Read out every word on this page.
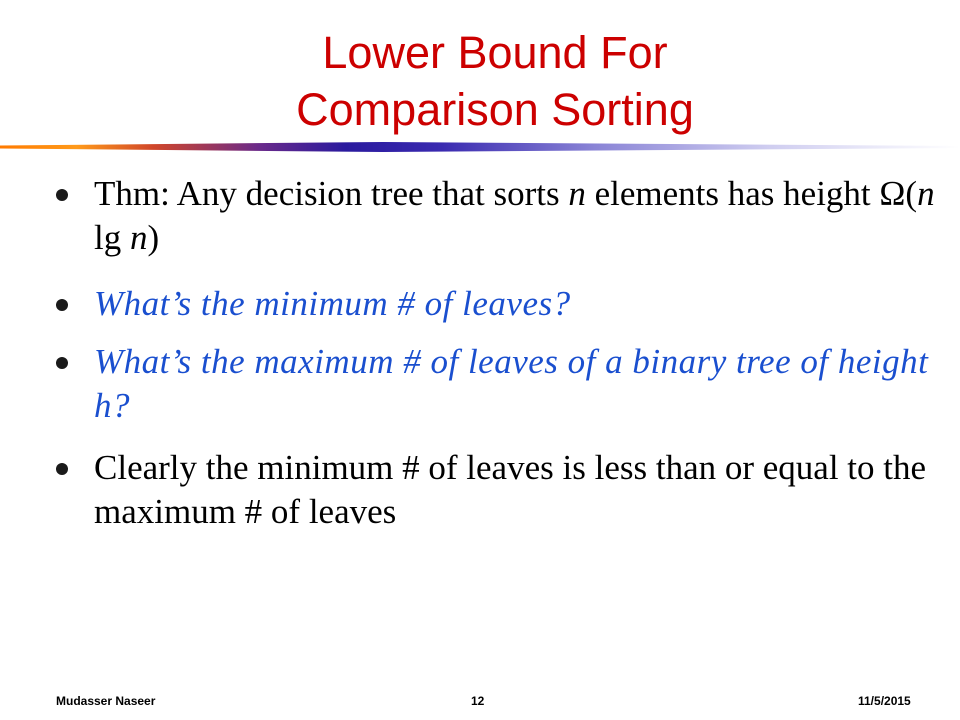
Lower Bound For
Comparison Sorting
Thm: Any decision tree that sorts n elements has height Ω(n lg n)
What’s the minimum # of leaves?
What’s the maximum # of leaves of a binary tree of height h?
Clearly the minimum # of leaves is less than or equal to the maximum # of leaves
Mudasser Naseer	12	11/5/2015
